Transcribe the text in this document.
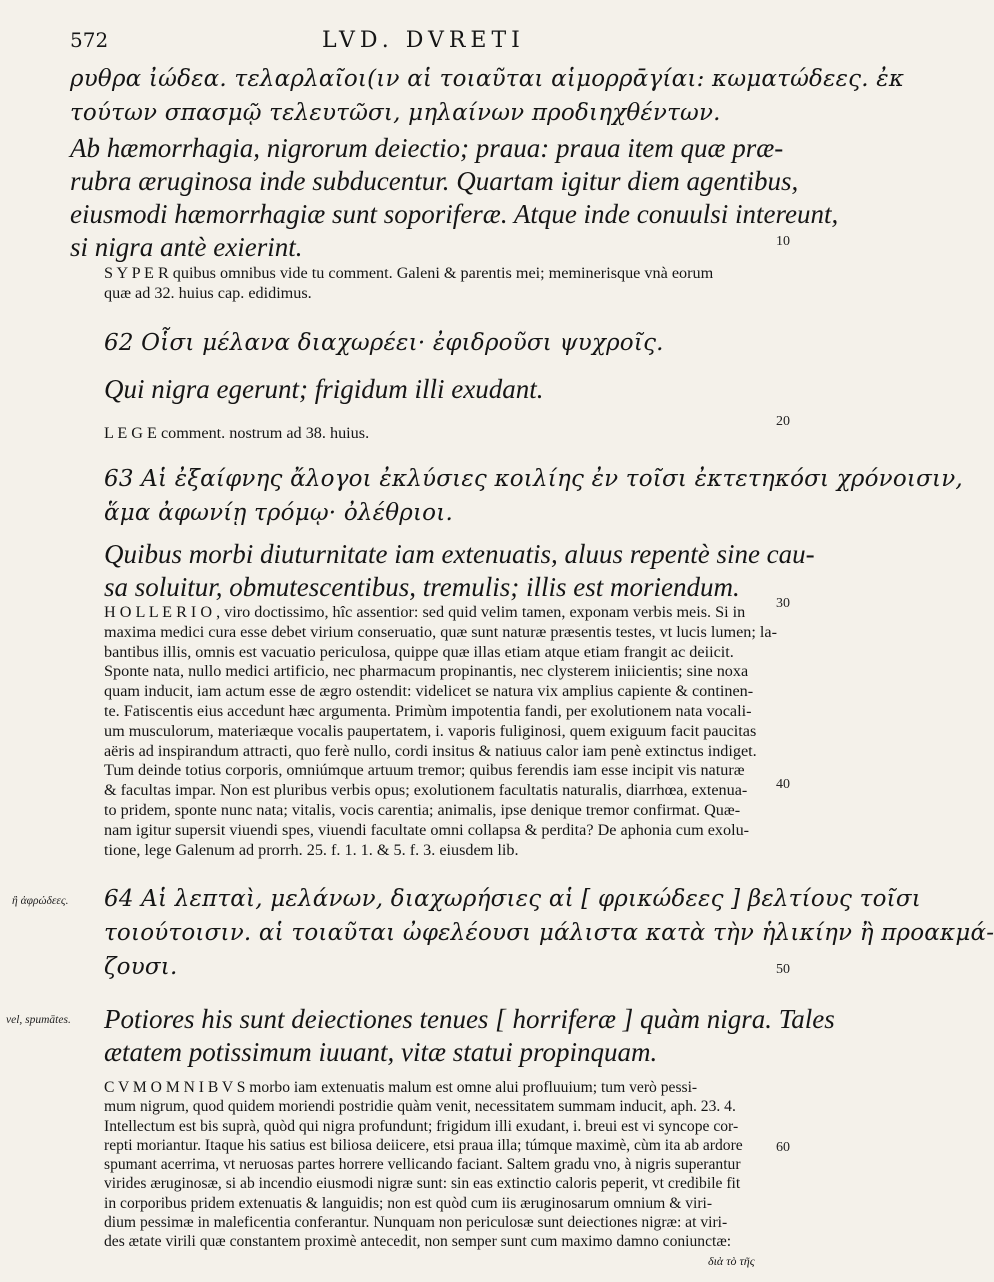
572	LVD. DVRETI
ρυθρα ἰώδεα. τελαρλαῖοι(ιν αἱ τοιαῦται αἱμορρᾱγίαι: κωματώδεες. ἐκ
τούτων σπασμῷ τελευτῶσι, μηλαίνων προδιηχθέντων.
Ab hæmorrhagia, nigrorum deiectio; praua: praua item quæ præ-
rubra æruginosa inde subducentur. Quartam igitur diem agentibus,
eiusmodi hæmorrhagiæ sunt soporiferæ. Atque inde conuulsi intereunt,
si nigra antè exierint.
S Y P E R quibus omnibus vide tu comment. Galeni & parentis mei; meminerisque vnà eorum
quæ ad 32. huius cap. edidimus.
62 Οἷσι μέλανα διαχωρέει· ἐφιδροῦσι ψυχροῖς.
Qui nigra egerunt; frigidum illi exudant.
L E G E comment. nostrum ad 38. huius.
63 Αἱ ἐξαίφνης ἄλογοι ἐκλύσιες κοιλίης ἐν τοῖσι ἐκτετηκόσι χρόνοισιν,
ἅμα ἀφωνίῃ τρόμῳ· ὀλέθριοι.
Quibus morbi diuturnitate iam extenuatis, aluus repentè sine cau-
sa soluitur, obmutescentibus, tremulis; illis est moriendum.
H O L L E R I O , viro doctissimo, hîc assentior: sed quid velim tamen, exponam verbis meis. Si in
maxima medici cura esse debet virium conseruatio, quæ sunt naturæ præsentis testes, vt lucis lumen; la-
bantibus illis, omnis est vacuatio periculosa, quippe quæ illas etiam atque etiam frangit ac deiicit.
Sponte nata, nullo medici artificio, nec pharmacum propinantis, nec clysterem iniicientis; sine noxa
quam inducit, iam actum esse de ægro ostendit: videlicet se natura vix amplius capiente & continen-
te. Fatiscentis eius accedunt hæc argumenta. Primùm impotentia fandi, per exolutionem nata vocali-
um musculorum, materiæque vocalis paupertatem, i. vaporis fuliginosi, quem exiguum facit paucitas
aëris ad inspirandum attracti, quo ferè nullo, cordi insitus & natiuus calor iam penè extinctus indiget.
Tum deinde totius corporis, omniúmque artuum tremor; quibus ferendis iam esse incipit vis naturæ
& facultas impar. Non est pluribus verbis opus; exolutionem facultatis naturalis, diarrhœa, extenua-
to pridem, sponte nunc nata; vitalis, vocis carentia; animalis, ipse denique tremor confirmat. Quæ-
nam igitur supersit viuendi spes, viuendi facultate omni collapsa & perdita? De aphonia cum exolu-
tione, lege Galenum ad prorrh. 25. f. 1. 1. & 5. f. 3. eiusdem lib.
64 Αἱ λεπταὶ, μελάνων, διαχωρήσιες αἱ [ φρικώδεες ] βελτίους τοῖσι
τοιούτοισιν. αἱ τοιαῦται ὠφελέουσι μάλιστα κατὰ τὴν ἡλικίην ἢ προακμά-
ζουσι.
Potiores his sunt deiectiones tenues [ horriferæ ] quàm nigra. Tales
ætatem potissimum iuuant, vitæ statui propinquam.
C V M O M N I B V S morbo iam extenuatis malum est omne alui profluuium; tum verò pessi-
mum nigrum, quod quidem moriendi postridie quàm venit, necessitatem summam inducit, aph. 23. 4.
Intellectum est bis suprà, quòd qui nigra profundunt; frigidum illi exudant, i. breui est vi syncope cor-
repti moriantur. Itaque his satius est biliosa deiicere, etsi praua illa; túmque maximè, cùm ita ab ardore
spumant acerrima, vt neruosas partes horrere vellicando faciant. Saltem gradu vno, à nigris superantur
virides æruginosæ, si ab incendio eiusmodi nigræ sunt: sin eas extinctio caloris peperit, vt credibile fit
in corporibus pridem extenuatis & languidis; non est quòd cum iis æruginosarum omnium & viri-
dium pessimæ in maleficentia conferantur. Nunquam non periculosæ sunt deiectiones nigræ: at viri-
des ætate virili quæ constantem proximè antecedit, non semper sunt cum maximo damno coniunctæ:
διὰ τὸ τῆς
10
20
30
40
50
60
ἢ ἀφρώδεες.
vel, spumātes.
